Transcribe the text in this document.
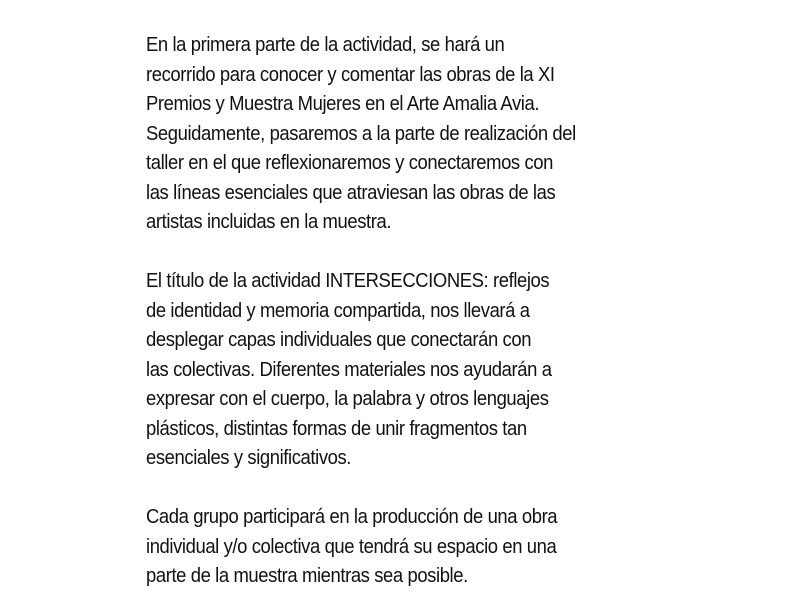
En la primera parte de la actividad, se hará un
recorrido para conocer y comentar las obras de la XI
Premios y Muestra Mujeres en el Arte Amalia Avia.
Seguidamente, pasaremos a la parte de realización del
taller en el que reflexionaremos y conectaremos con
las líneas esenciales que atraviesan las obras de las
artistas incluidas en la muestra.

El título de la actividad INTERSECCIONES: reflejos
de identidad y memoria compartida, nos llevará a
desplegar capas individuales que conectarán con
las colectivas. Diferentes materiales nos ayudarán a
expresar con el cuerpo, la palabra y otros lenguajes
plásticos, distintas formas de unir fragmentos tan
esenciales y significativos.

Cada grupo participará en la producción de una obra
individual y/o colectiva que tendrá su espacio en una
parte de la muestra mientras sea posible.
